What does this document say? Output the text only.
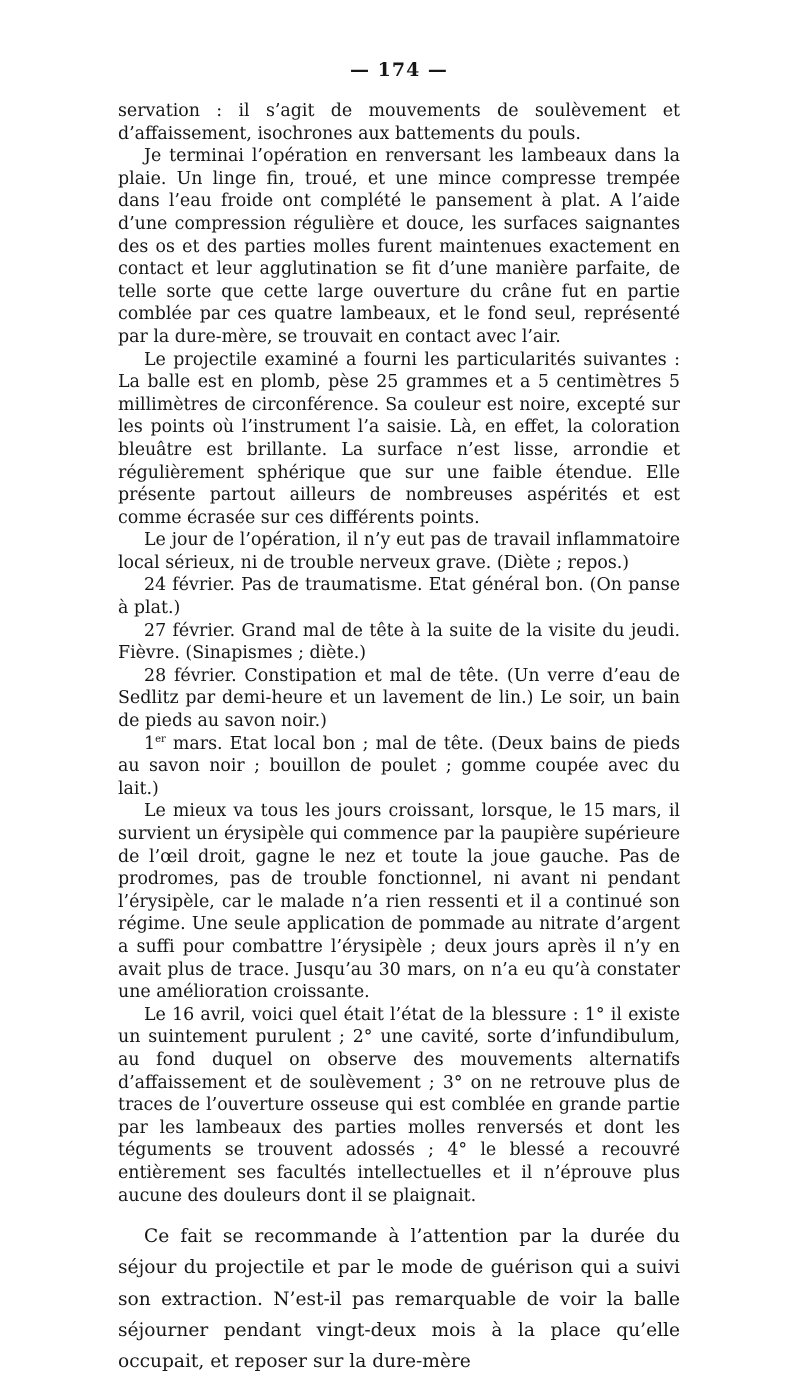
— 174 —

servation : il s’agit de mouvements de soulèvement et d’affaissement, isochrones aux battements du pouls.

Je terminai l’opération en renversant les lambeaux dans la plaie. Un linge fin, troué, et une mince compresse trempée dans l’eau froide ont complété le pansement à plat. A l’aide d’une compression régulière et douce, les surfaces saignantes des os et des parties molles furent maintenues exactement en contact et leur agglutination se fit d’une manière parfaite, de telle sorte que cette large ouverture du crâne fut en partie comblée par ces quatre lambeaux, et le fond seul, représenté par la dure-mère, se trouvait en contact avec l’air.

Le projectile examiné a fourni les particularités suivantes : La balle est en plomb, pèse 25 grammes et a 5 centimètres 5 millimètres de circonférence. Sa couleur est noire, excepté sur les points où l’instrument l’a saisie. Là, en effet, la coloration bleuâtre est brillante. La surface n’est lisse, arrondie et régulièrement sphérique que sur une faible étendue. Elle présente partout ailleurs de nombreuses aspérités et est comme écrasée sur ces différents points.

Le jour de l’opération, il n’y eut pas de travail inflammatoire local sérieux, ni de trouble nerveux grave. (Diète ; repos.)

24 février. Pas de traumatisme. Etat général bon. (On panse à plat.)

27 février. Grand mal de tête à la suite de la visite du jeudi. Fièvre. (Sinapismes ; diète.)

28 février. Constipation et mal de tête. (Un verre d’eau de Sedlitz par demi-heure et un lavement de lin.) Le soir, un bain de pieds au savon noir.)

1er mars. Etat local bon ; mal de tête. (Deux bains de pieds au savon noir ; bouillon de poulet ; gomme coupée avec du lait.)

Le mieux va tous les jours croissant, lorsque, le 15 mars, il survient un érysipèle qui commence par la paupière supérieure de l’œil droit, gagne le nez et toute la joue gauche. Pas de prodromes, pas de trouble fonctionnel, ni avant ni pendant l’érysipèle, car le malade n’a rien ressenti et il a continué son régime. Une seule application de pommade au nitrate d’argent a suffi pour combattre l’érysipèle ; deux jours après il n’y en avait plus de trace. Jusqu’au 30 mars, on n’a eu qu’à constater une amélioration croissante.

Le 16 avril, voici quel était l’état de la blessure : 1° il existe un suintement purulent ; 2° une cavité, sorte d’infundibulum, au fond duquel on observe des mouvements alternatifs d’affaissement et de soulèvement ; 3° on ne retrouve plus de traces de l’ouverture osseuse qui est comblée en grande partie par les lambeaux des parties molles renversés et dont les téguments se trouvent adossés ; 4° le blessé a recouvré entièrement ses facultés intellectuelles et il n’éprouve plus aucune des douleurs dont il se plaignait.

Ce fait se recommande à l’attention par la durée du séjour du projectile et par le mode de guérison qui a suivi son extraction. N’est-il pas remarquable de voir la balle séjourner pendant vingt-deux mois à la place qu’elle occupait, et reposer sur la dure-mère
